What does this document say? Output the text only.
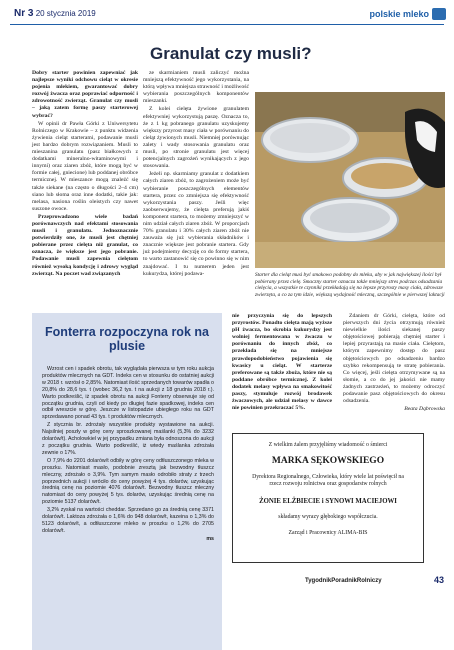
Nr 3 20 stycznia 2019	polskie mleko
Granulat czy musli?

Dobry starter powinien zapewniać jak najlepsze wyniki odchowu cieląt w okresie pojenia mlekiem, gwarantować dobry rozwój żwacza oraz poprawiać odporność i zdrowotność zwierząt. Granulat czy musli – jaką zatem formę paszy starterowej wybrać?

W opinii dr Pawła Górki z Uniwersytetu Rolniczego w Krakowie – z punktu widzenia żywienia cieląt starterami, podawanie musli jest bardzo dobrym rozwiązaniem. Musli to mieszanina granulatu (pasz białkowych z dodatkami mineralno-witaminowymi i innymi) oraz ziaren zbóż, które mogą być w formie całej, gniecione) lub poddanej obróbce termicznej. W mieszance mogą znaleźć się także siekane (na często o długości 2–4 cm) siano lub słoma oraz inne dodatki, takie jak: melasa, nasiona roślin oleistych czy nawet suszone owoce.

Przeprowadzono wiele badań porównawczych nad efektami stosowania musli i granulatu. Jednoznacznie potwierdziły one, że musli jest chętniej pobierane przez cielęta niż granulat, co oznacza, że większe jest jego pobranie. Podawanie musli zapewnia cielętom również wysoką kondycję i zdrowy wygląd zwierząt. Na poczet wad związanych

ze skarmianiem musli zaliczyć można mniejszą efektywność jego wykorzystania, na którą wpływa mniejsza strawność i możliwość wybierania poszczególnych komponentów mieszanki.

Z kolei cielęta żywione granulatem efektywniej wykorzystują paszę. Oznacza to, że z 1 kg pobranego granulatu uzyskujemy większy przyrost masy ciała w porównaniu do cieląt żywionych musli. Niemniej porównując zalety i wady stosowania granulatu oraz musli, po stronie granulatu jest więcej potencjalnych zagrożeń wynikających z jego stosowania.

Jeżeli np. skarmiamy granulat z dodatkiem całych ziaren zbóż, to zagrożeniem może być wybieranie poszczególnych elementów startera, przez co zmniejsza się efektywność wykorzystania paszy. Jeśli więc zaobserwujemy, że cielęta preferują jakiś komponent startera, to możemy zmniejszyć w nim udział całych ziaren zbóż. W proporcjach 70% granulatu i 30% całych ziaren zbóż nie zauważa się już wybierania składników i znacznie większe jest pobranie startera. Gdy już podejmiemy decyzję co do formy startera, to warto zastanowić się co powinno się w nim znajdować. I tu numerem jeden jest kukurydza, której podawa-	Starter dla cieląt musi być smakowo podobny do mleka, aby w jak największej ilości był pobierany przez cielę. Smaczny starter oznacza także mniejszy stres podczas odsadzania cielęcia, a wszystkie te czynniki przekładają się na lepsze przyrosty masy ciała, zdrowsze zwierzęta, a co za tym idzie, większą wydajność mleczną, szczególnie w pierwszej laktacji

nie przyczynia się do lepszych przyrostów. Ponadto cielęta mają wyższe pH żwacza, bo skrobia kukurydzy jest wolniej fermentowana w żwaczu w porównaniu do innych zbóż, co przekłada się na mniejsze prawdopodobieństwo pojawienia się kwasicy u cieląt. W starterze preferowane są także zboża, które nie są poddane obróbce termicznej. Z kolei dodatek melasy wpływa na smakowitość paszy, stymuluje rozwój brodawek żwaczowych, ale udział melasy w dawce nie powinien przekraczać 5%.

Zdaniem dr Górki, cielęta, które od pierwszych dni życia otrzymują również niewielkie ilości siekanej paszy objętościowej pobierają chętniej starter i lepiej przyrastają na masie ciała. Cielętom, którym zapewnimy dostęp do pasz objętościowych po odsadzeniu bardzo szybko rekompensują te stratę pobierania. Co więcej, jeśli cielęta otrzymywane są na słomie, a co do jej jakości nie mamy żadnych zastrzeżeń, to możemy odroczyć podawanie pasz objętościowych do okresu odsadzenia.

Beata Dąbrowska
Fonterra rozpoczyna rok na plusie

Wzrost cen i spadek obrotu, tak wyglądała pierwsza w tym roku aukcja produktów mlecznych na GDT. Indeks cen w stosunku do ostatniej aukcji w 2018 r. wzrósł o 2,85%. Natomiast ilość sprzedanych towarów spadła o 20,8% do 28,6 tys. t (wobec 36,2 tys. t na aukcji z 18 grudnia 2018 r.). Warto podkreślić, iż spadek obrotu na aukcji Fonterry obserwuje się od początku grudnia, czyli od kiedy po długiej fazie spadkowej, indeks cen odbił wreszcie w górę. Jeszcze w listopadzie ubiegłego roku na GDT sprzedawano ponad 43 tys. t produktów mlecznych.

Z stycznia br. zdrożały wszystkie produkty wystawione na aukcji. Najsilniej poszły w górę ceny sproszkowanej maślanki (5,3% do 3232 dolarów/t). Acholowkiel w jej przypadku zmiana była odnoszona do aukcji z początku grudnia. Warto podkreślić, iż wtedy maślanka zdrożała zewnie o 17%.

O 7,9% do 2201 dolarów/t odbiły w górę ceny odtłuszczonego mleka w proszku. Natomiast masło, podobnie zresztą jak bezwodny tłuszcz mleczny, zdrożało o 3,9%. Tym samym masło odrobiło straty z trzech poprzednich aukcji i wróciło do ceny powyżej 4 tys. dolarów, uzyskując średnią cenę na poziomie 4076 dolarów/t. Bezwodny tłuszcz mleczny natomiast do ceny powyżej 5 tys. dolarów, uzyskując średnią cenę na poziomie 5137 dolarów/t.

3,2% zyskał na wartości cheddar. Sprzedano go za średnią cenę 3371 dolarów/t. Laktoza zdrożała o 1,6% do 948 dolarów/t, kazeina o 1,3% do 5123 dolarów/t, a odtłuszczone mleko w proszku o 1,2% do 2705 dolarów/t.

ms
Z wielkim żalem przyjęliśmy wiadomość o śmierci
MARKA SĘKOWSKIEGO
Dyrektora Regionalnego, Człowieka, który wiele lat poświęcił na rzecz rozwoju rolnictwa oraz gospodarstw rolnych
ŻONIE ELŻBIECIE i SYNOWI MACIEJOWI
składamy wyrazy głębokiego współczucia.
Zarząd i Pracownicy ALIMA-BIS
TygodnikPoradnikRolniczy	43
